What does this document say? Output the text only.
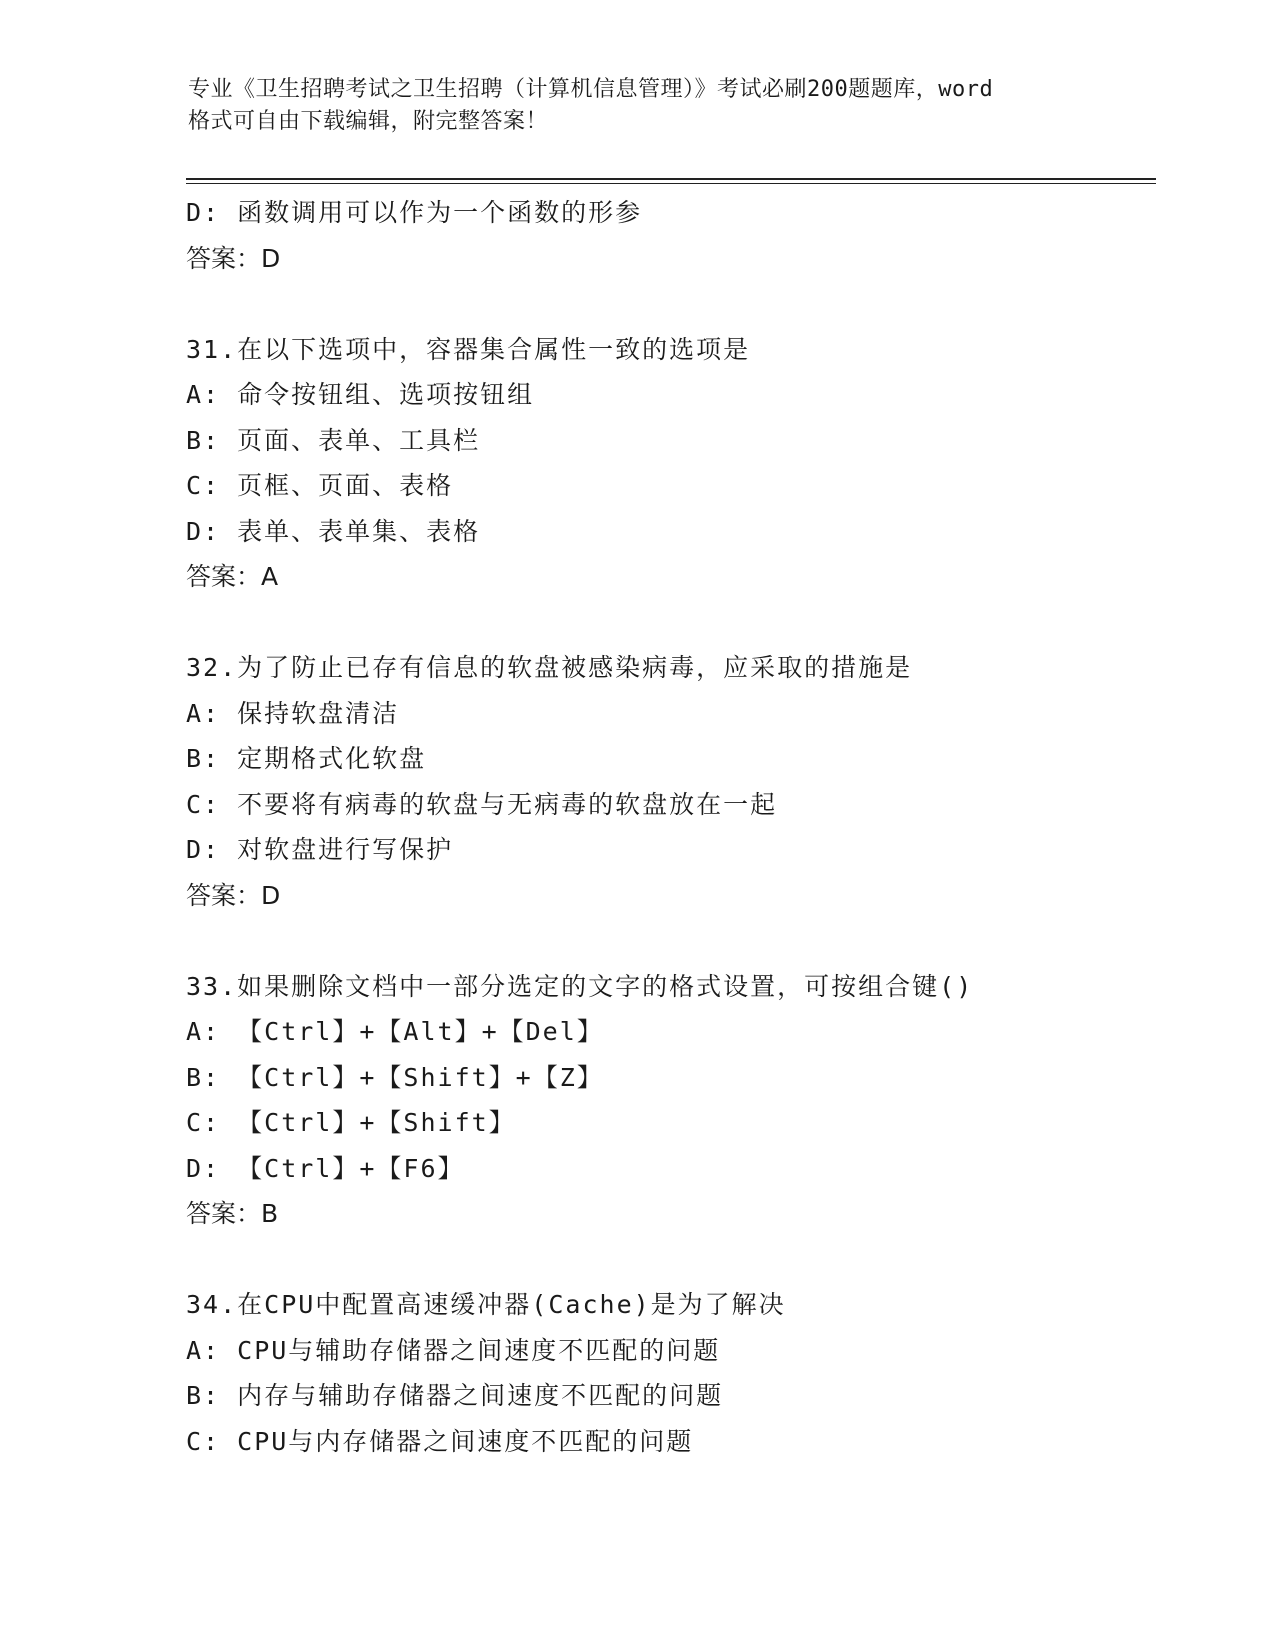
专业《卫生招聘考试之卫生招聘（计算机信息管理）》考试必刷200题题库，word
格式可自由下载编辑，附完整答案！
D: 函数调用可以作为一个函数的形参
答案：D
31.在以下选项中，容器集合属性一致的选项是
A: 命令按钮组、选项按钮组
B: 页面、表单、工具栏
C: 页框、页面、表格
D: 表单、表单集、表格
答案：A
32.为了防止已存有信息的软盘被感染病毒，应采取的措施是
A: 保持软盘清洁
B: 定期格式化软盘
C: 不要将有病毒的软盘与无病毒的软盘放在一起
D: 对软盘进行写保护
答案：D
33.如果删除文档中一部分选定的文字的格式设置，可按组合键()
A: 【Ctrl】+【Alt】+【Del】
B: 【Ctrl】+【Shift】+【Z】
C: 【Ctrl】+【Shift】
D: 【Ctrl】+【F6】
答案：B
34.在CPU中配置高速缓冲器(Cache)是为了解决
A: CPU与辅助存储器之间速度不匹配的问题
B: 内存与辅助存储器之间速度不匹配的问题
C: CPU与内存储器之间速度不匹配的问题
